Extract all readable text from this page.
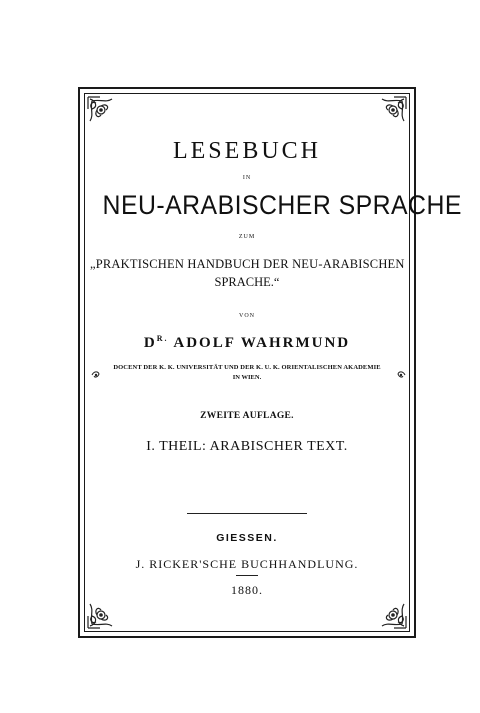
LESEBUCH
IN
NEU-ARABISCHER SPRACHE
ZUM
„PRAKTISCHEN HANDBUCH DER NEU-ARABISCHEN
SPRACHE.“
VON
$D^{R.}$ ADOLF WAHRMUND
DOCENT DER K. K. UNIVERSITÄT UND DER K. U. K. ORIENTALISCHEN AKADEMIE
IN WIEN.
ZWEITE AUFLAGE.
I. THEIL: ARABISCHER TEXT.
GIESSEN.
J. RICKER'SCHE BUCHHANDLUNG.
1880.
